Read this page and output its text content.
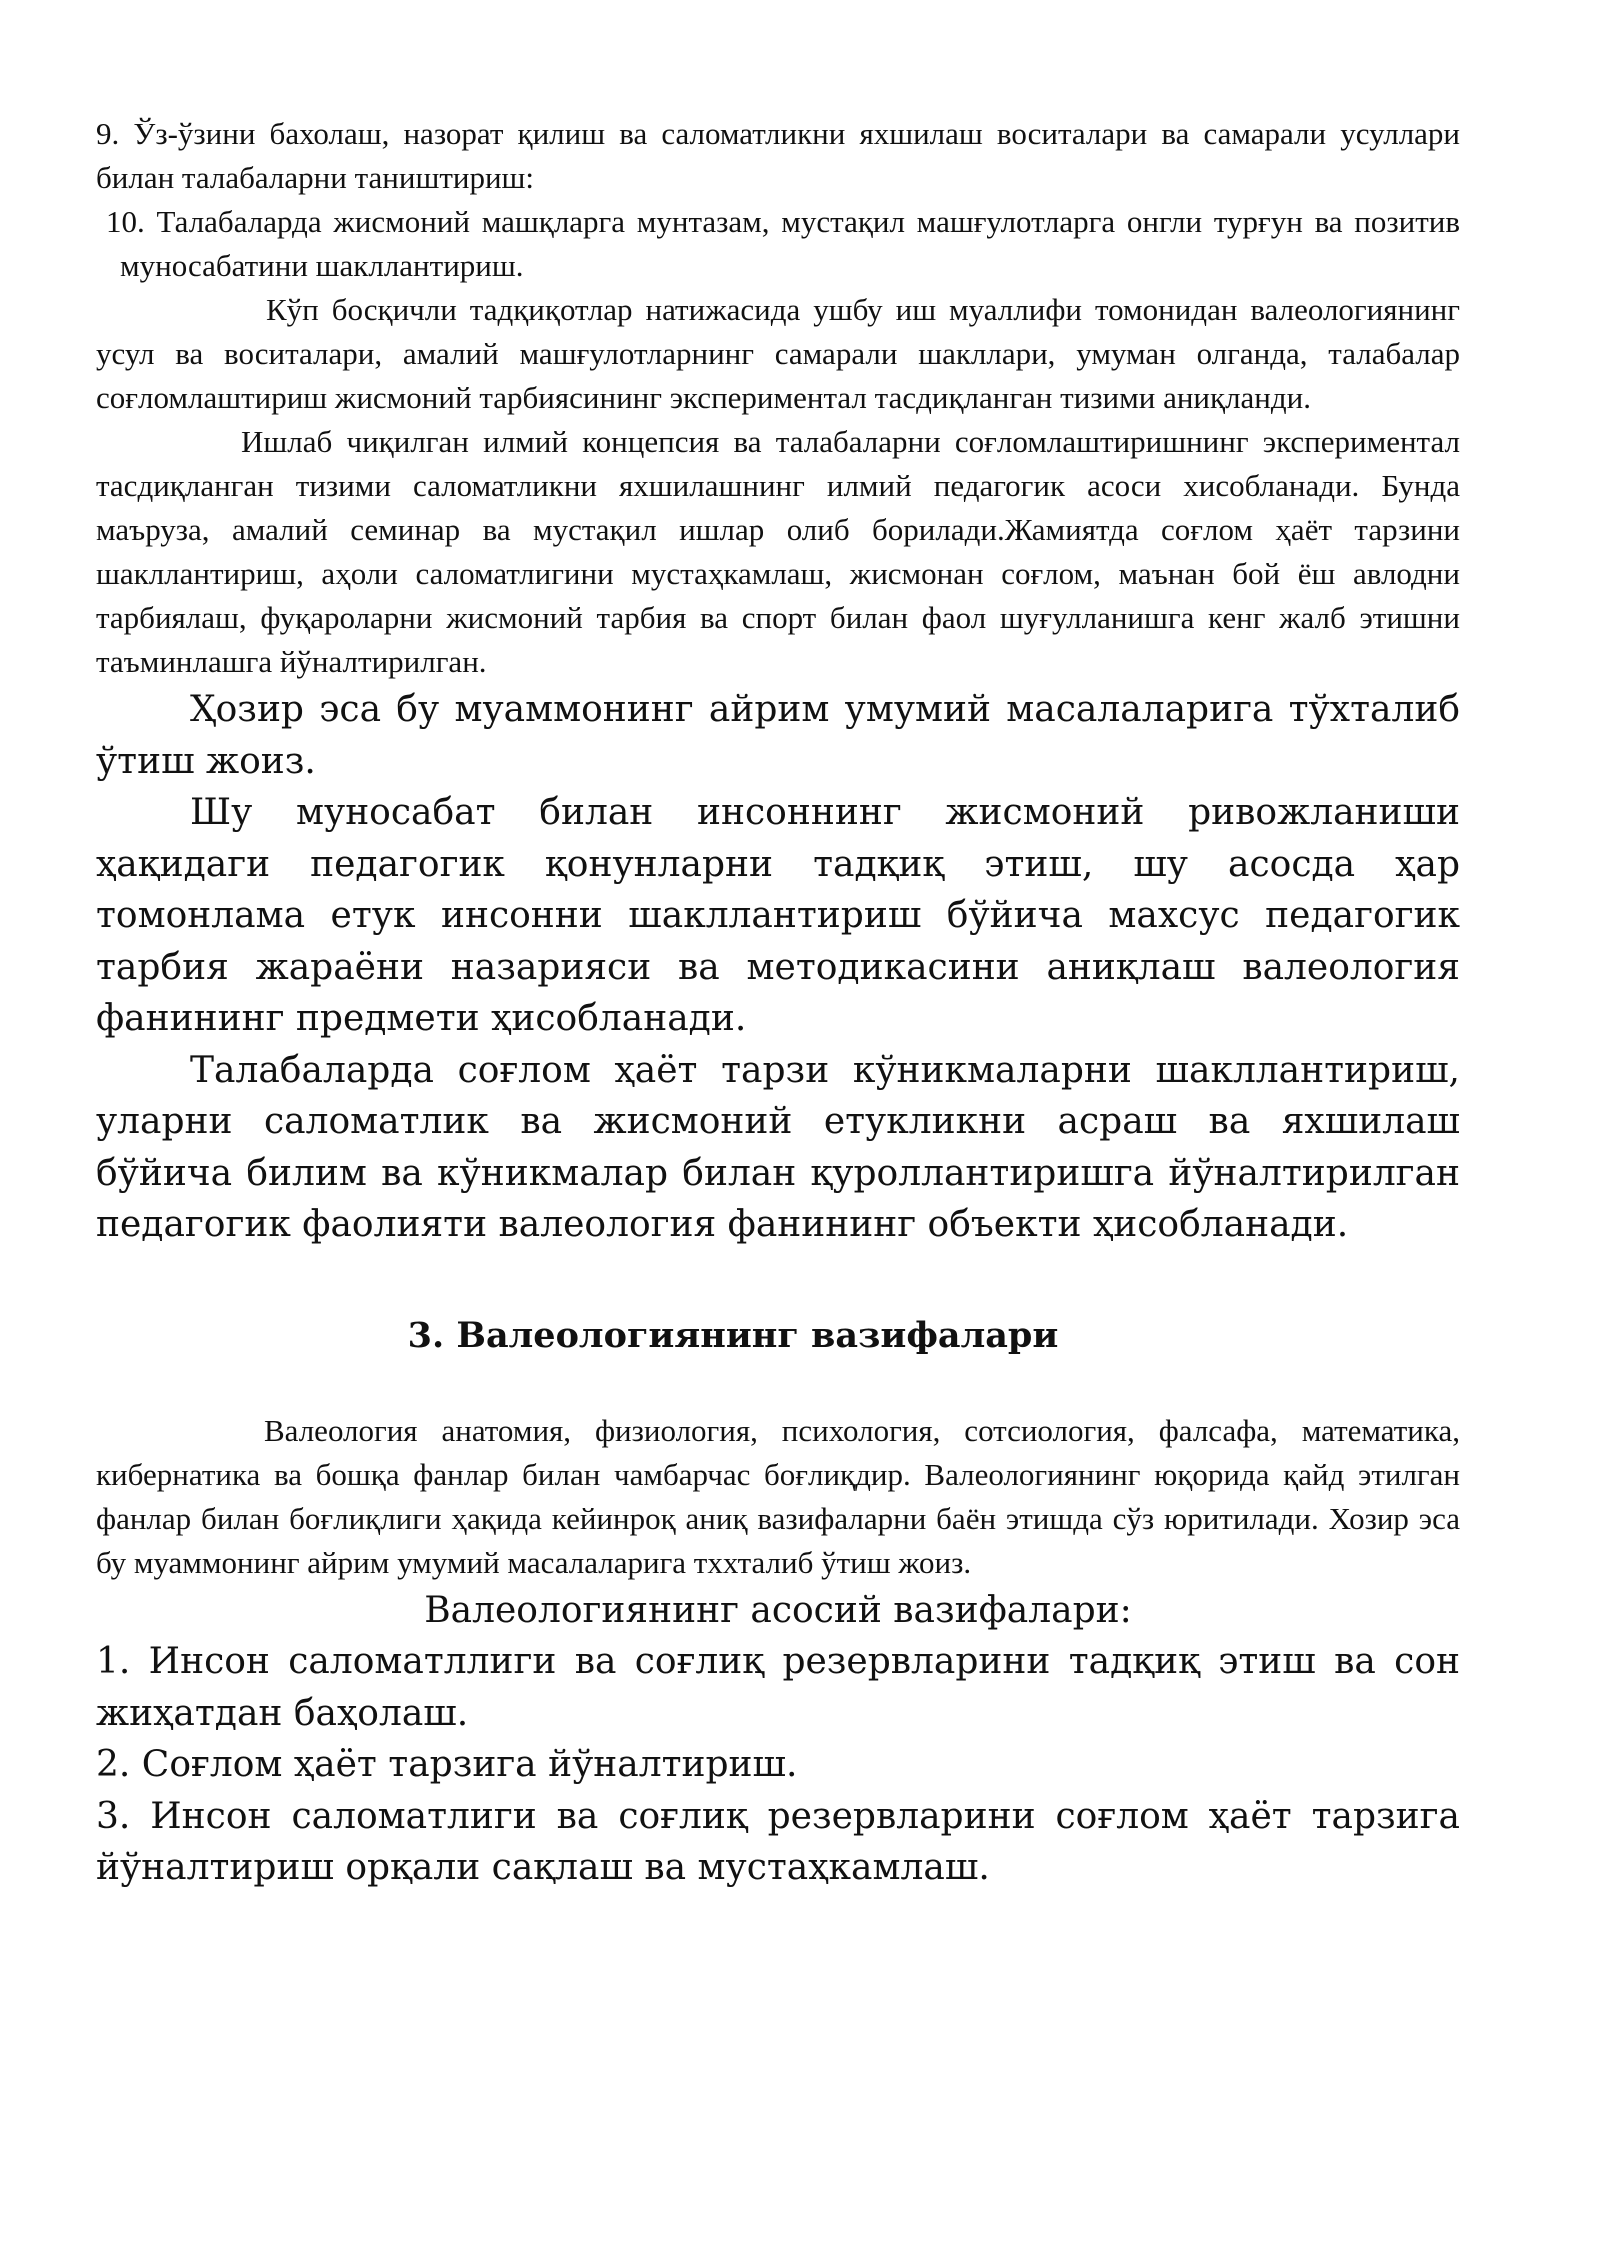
9. Ўз-ўзини бахолаш, назорат қилиш ва саломатликни яхшилаш воситалари ва самарали усуллари билан талабаларни таништириш:

10. Талабаларда жисмоний машқларга мунтазам, мустақил машғулотларга онгли турғун ва позитив муносабатини шакллантириш.

Кўп босқичли тадқиқотлар натижасида ушбу иш муаллифи томонидан валеологиянинг усул ва воситалари, амалий машғулотларнинг самарали шакллари, умуман олганда, талабалар соғломлаштириш жисмоний тарбиясининг экспериментал тасдиқланган тизими аниқланди.

Ишлаб чиқилган илмий концепсия ва талабаларни соғломлаштиришнинг экспериментал тасдиқланган тизими саломатликни яхшилашнинг илмий педагогик асоси хисобланади. Бунда маъруза, амалий семинар ва мустақил ишлар олиб борилади.Жамиятда соғлом ҳаёт тарзини шакллантириш, аҳоли саломатлигини мустаҳкамлаш, жисмонан соғлом, маънан бой ёш авлодни тарбиялаш, фуқароларни жисмоний тарбия ва спорт билан фаол шуғулланишга кенг жалб этишни таъминлашга йўналтирилган.

Ҳозир эса бу муаммонинг айрим умумий масалаларига тўхталиб ўтиш жоиз.

Шу муносабат билан инсоннинг жисмоний ривожланиши ҳақидаги педагогик қонунларни тадқиқ этиш, шу асосда ҳар томонлама етук инсонни шакллантириш бўйича махсус педагогик тарбия жараёни назарияси ва методикасини аниқлаш валеология фанининг предмети ҳисобланади.

Талабаларда соғлом ҳаёт тарзи кўникмаларни шакллантириш, уларни саломатлик ва жисмоний етукликни асраш ва яхшилаш бўйича билим ва кўникмалар билан қуроллантиришга йўналтирилган педагогик фаолияти валеология фанининг объекти ҳисобланади.

3. Валеологиянинг вазифалари

Валеология анатомия, физиология, психология, сотсиология, фалсафа, математика, кибернатика ва бошқа фанлар билан чамбарчас боғлиқдир. Валеологиянинг юқорида қайд этилган фанлар билан боғлиқлиги ҳақида кейинроқ аниқ вазифаларни баён этишда сўз юритилади. Хозир эса бу муаммонинг айрим умумий масалаларига тххталиб ўтиш жоиз.

Валеологиянинг асосий вазифалари:

1. Инсон саломатллиги ва соғлиқ резервларини тадқиқ этиш ва сон жиҳатдан баҳолаш.

2. Соғлом ҳаёт тарзига йўналтириш.

3. Инсон саломатлиги ва соғлиқ резервларини соғлом ҳаёт тарзига йўналтириш орқали сақлаш ва мустаҳкамлаш.
